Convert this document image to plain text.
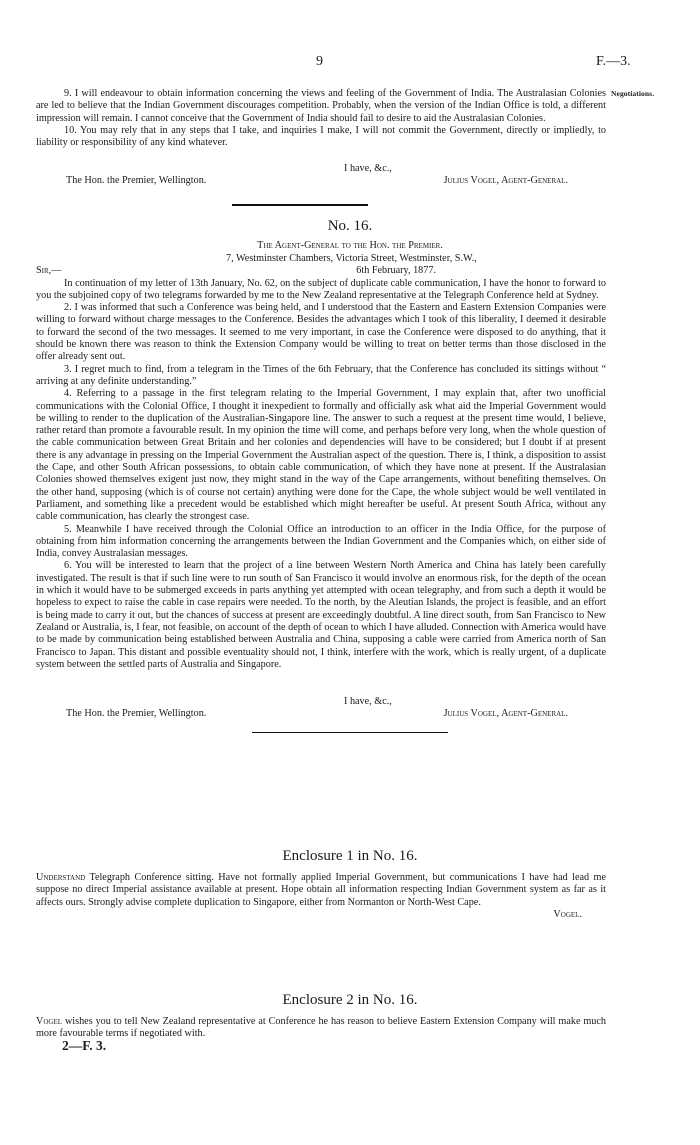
9	F.—3.
Negotiations.

9. I will endeavour to obtain information concerning the views and feeling of the Government of India. The Australasian Colonies are led to believe that the Indian Government discourages competition. Probably, when the version of the Indian Office is told, a different impression will remain. I cannot conceive that the Government of India should fail to desire to aid the Australasian Colonies.

10. You may rely that in any steps that I take, and inquiries I make, I will not commit the Government, directly or impliedly, to liability or responsibility of any kind whatever.

I have, &c.,
The Hon. the Premier, Wellington.	Julius Vogel, Agent-General.
No. 16.
The Agent-General to the Hon. the Premier.

7, Westminster Chambers, Victoria Street, Westminster, S.W.,

Sir,—	6th February, 1877.

In continuation of my letter of 13th January, No. 62, on the subject of duplicate cable communication, I have the honor to forward to you the subjoined copy of two telegrams forwarded by me to the New Zealand representative at the Telegraph Conference held at Sydney.

2. I was informed that such a Conference was being held, and I understood that the Eastern and Eastern Extension Companies were willing to forward without charge messages to the Conference. Besides the advantages which I took of this liberality, I deemed it desirable to forward the second of the two messages. It seemed to me very important, in case the Conference were disposed to do anything, that it should be known there was reason to think the Extension Company would be willing to treat on better terms than those disclosed in the offer already sent out.

3. I regret much to find, from a telegram in the Times of the 6th February, that the Conference has concluded its sittings without “ arriving at any definite understanding.”

4. Referring to a passage in the first telegram relating to the Imperial Government, I may explain that, after two unofficial communications with the Colonial Office, I thought it inexpedient to formally and officially ask what aid the Imperial Government would be willing to render to the duplication of the Australian-Singapore line. The answer to such a request at the present time would, I believe, rather retard than promote a favourable result. In my opinion the time will come, and perhaps before very long, when the whole question of the cable communication between Great Britain and her colonies and dependencies will have to be considered; but I doubt if at present there is any advantage in pressing on the Imperial Government the Australian aspect of the question. There is, I think, a disposition to assist the Cape, and other South African possessions, to obtain cable communication, of which they have none at present. If the Australasian Colonies showed themselves exigent just now, they might stand in the way of the Cape arrangements, without benefiting themselves. On the other hand, supposing (which is of course not certain) anything were done for the Cape, the whole subject would be well ventilated in Parliament, and something like a precedent would be established which might hereafter be useful. At present South Africa, without any cable communication, has clearly the strongest case.

5. Meanwhile I have received through the Colonial Office an introduction to an officer in the India Office, for the purpose of obtaining from him information concerning the arrangements between the Indian Government and the Companies which, on either side of India, convey Australasian messages.

6. You will be interested to learn that the project of a line between Western North America and China has lately been carefully investigated. The result is that if such line were to run south of San Francisco it would involve an enormous risk, for the depth of the ocean in which it would have to be submerged exceeds in parts anything yet attempted with ocean telegraphy, and from such a depth it would be hopeless to expect to raise the cable in case repairs were needed. To the north, by the Aleutian Islands, the project is feasible, and an effort is being made to carry it out, but the chances of success at present are exceedingly doubtful. A line direct south, from San Francisco to New Zealand or Australia, is, I fear, not feasible, on account of the depth of ocean to which I have alluded. Connection with America would have to be made by communication being established between Australia and China, supposing a cable were carried from America north of San Francisco to Japan. This distant and possible eventuality should not, I think, interfere with the work, which is really urgent, of a duplicate system between the settled parts of Australia and Singapore.

I have, &c.,
The Hon. the Premier, Wellington.	Julius Vogel, Agent-General.
Enclosure 1 in No. 16.

Understand Telegraph Conference sitting. Have not formally applied Imperial Government, but communications I have had lead me suppose no direct Imperial assistance available at present. Hope obtain all information respecting Indian Government system as far as it affects ours. Strongly advise complete duplication to Singapore, either from Normanton or North-West Cape.

Vogel.

Enclosure 2 in No. 16.

Vogel wishes you to tell New Zealand representative at Conference he has reason to believe Eastern Extension Company will make much more favourable terms if negotiated with.

2—F. 3.
